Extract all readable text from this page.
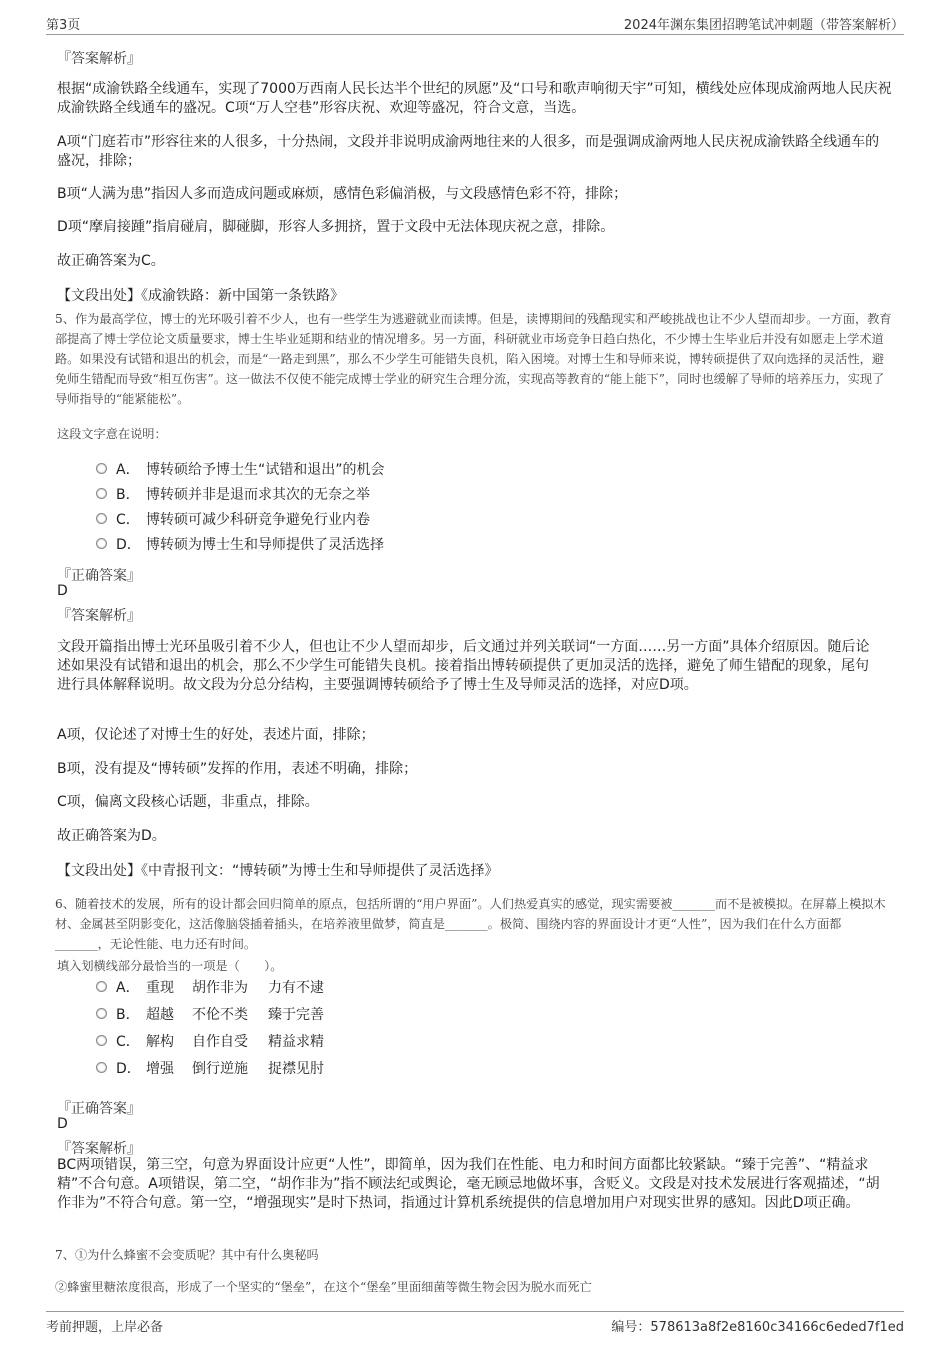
第3页	2024年渊东集团招聘笔试冲刺题（带答案解析）
『答案解析』

根据“成渝铁路全线通车，实现了7000万西南人民长达半个世纪的夙愿”及“口号和歌声响彻天宇”可知，横线处应体现成渝两地人民庆祝成渝铁路全线通车的盛况。C项“万人空巷”形容庆祝、欢迎等盛况，符合文意，当选。

A项“门庭若市”形容往来的人很多，十分热闹，文段并非说明成渝两地往来的人很多，而是强调成渝两地人民庆祝成渝铁路全线通车的盛况，排除；

B项“人满为患”指因人多而造成问题或麻烦，感情色彩偏消极，与文段感情色彩不符，排除；

D项“摩肩接踵”指肩碰肩，脚碰脚，形容人多拥挤，置于文段中无法体现庆祝之意，排除。

故正确答案为C。

【文段出处】《成渝铁路：新中国第一条铁路》

5、作为最高学位，博士的光环吸引着不少人，也有一些学生为逃避就业而读博。但是，读博期间的残酷现实和严峻挑战也让不少人望而却步。一方面，教育部提高了博士学位论文质量要求，博士生毕业延期和结业的情况增多。另一方面，科研就业市场竞争日趋白热化，不少博士生毕业后并没有如愿走上学术道路。如果没有试错和退出的机会，而是“一路走到黑”，那么不少学生可能错失良机，陷入困境。对博士生和导师来说，博转硕提供了双向选择的灵活性，避免师生错配而导致“相互伤害”。这一做法不仅使不能完成博士学业的研究生合理分流，实现高等教育的“能上能下”，同时也缓解了导师的培养压力，实现了导师指导的“能紧能松”。

这段文字意在说明：
A． 博转硕给予博士生“试错和退出”的机会
B． 博转硕并非是退而求其次的无奈之举
C． 博转硕可减少科研竞争避免行业内卷
D． 博转硕为博士生和导师提供了灵活选择
『正确答案』
D
『答案解析』

文段开篇指出博士光环虽吸引着不少人，但也让不少人望而却步，后文通过并列关联词“一方面……另一方面”具体介绍原因。随后论述如果没有试错和退出的机会，那么不少学生可能错失良机。接着指出博转硕提供了更加灵活的选择，避免了师生错配的现象，尾句进行具体解释说明。故文段为分总分结构，主要强调博转硕给予了博士生及导师灵活的选择，对应D项。

A项，仅论述了对博士生的好处，表述片面，排除；

B项，没有提及“博转硕”发挥的作用，表述不明确，排除；

C项，偏离文段核心话题，非重点，排除。

故正确答案为D。

【文段出处】《中青报刊文：“博转硕”为博士生和导师提供了灵活选择》

6、随着技术的发展，所有的设计都会回归简单的原点，包括所谓的“用户界面”。人们热爱真实的感觉，现实需要被_______而不是被模拟。在屏幕上模拟木材、金属甚至阴影变化，这活像脑袋插着插头，在培养液里做梦，简直是_______。极简、围绕内容的界面设计才更“人性”，因为我们在什么方面都_______，无论性能、电力还有时间。

填入划横线部分最恰当的一项是（　　）。
A． 重现 胡作非为 力有不逮
B． 超越 不伦不类 臻于完善
C． 解构 自作自受 精益求精
D． 增强 倒行逆施 捉襟见肘
『正确答案』
D
『答案解析』

BC两项错误，第三空，句意为界面设计应更“人性”，即简单，因为我们在性能、电力和时间方面都比较紧缺。“臻于完善”、“精益求精”不合句意。A项错误，第二空，“胡作非为”指不顾法纪或舆论，毫无顾忌地做坏事，含贬义。文段是对技术发展进行客观描述，“胡作非为”不符合句意。第一空，“增强现实”是时下热词，指通过计算机系统提供的信息增加用户对现实世界的感知。因此D项正确。

7、①为什么蜂蜜不会变质呢？其中有什么奥秘吗
②蜂蜜里糖浓度很高，形成了一个坚实的“堡垒”，在这个“堡垒”里面细菌等微生物会因为脱水而死亡
考前押题，上岸必备	编号：578613a8f2e8160c34166c6eded7f1ed
